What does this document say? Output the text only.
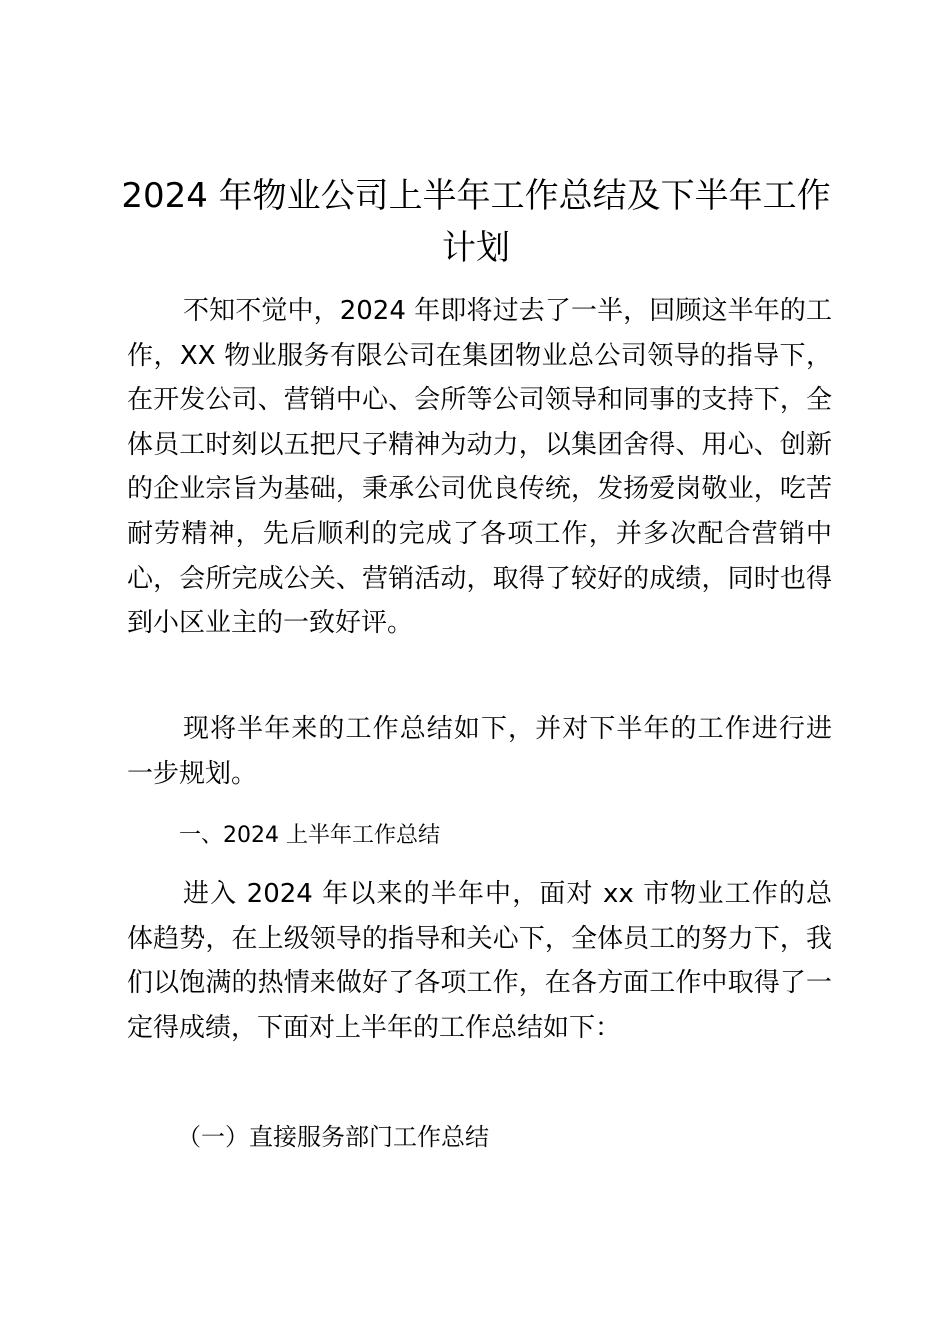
2024 年物业公司上半年工作总结及下半年工作计划

不知不觉中，2024 年即将过去了一半，回顾这半年的工作，XX 物业服务有限公司在集团物业总公司领导的指导下，在开发公司、营销中心、会所等公司领导和同事的支持下，全体员工时刻以五把尺子精神为动力，以集团舍得、用心、创新的企业宗旨为基础，秉承公司优良传统，发扬爱岗敬业，吃苦耐劳精神，先后顺利的完成了各项工作，并多次配合营销中心，会所完成公关、营销活动，取得了较好的成绩，同时也得到小区业主的一致好评。

现将半年来的工作总结如下，并对下半年的工作进行进一步规划。

一、2024 上半年工作总结

进入 2024 年以来的半年中，面对 xx 市物业工作的总体趋势，在上级领导的指导和关心下，全体员工的努力下，我们以饱满的热情来做好了各项工作，在各方面工作中取得了一定得成绩，下面对上半年的工作总结如下：

（一）直接服务部门工作总结
